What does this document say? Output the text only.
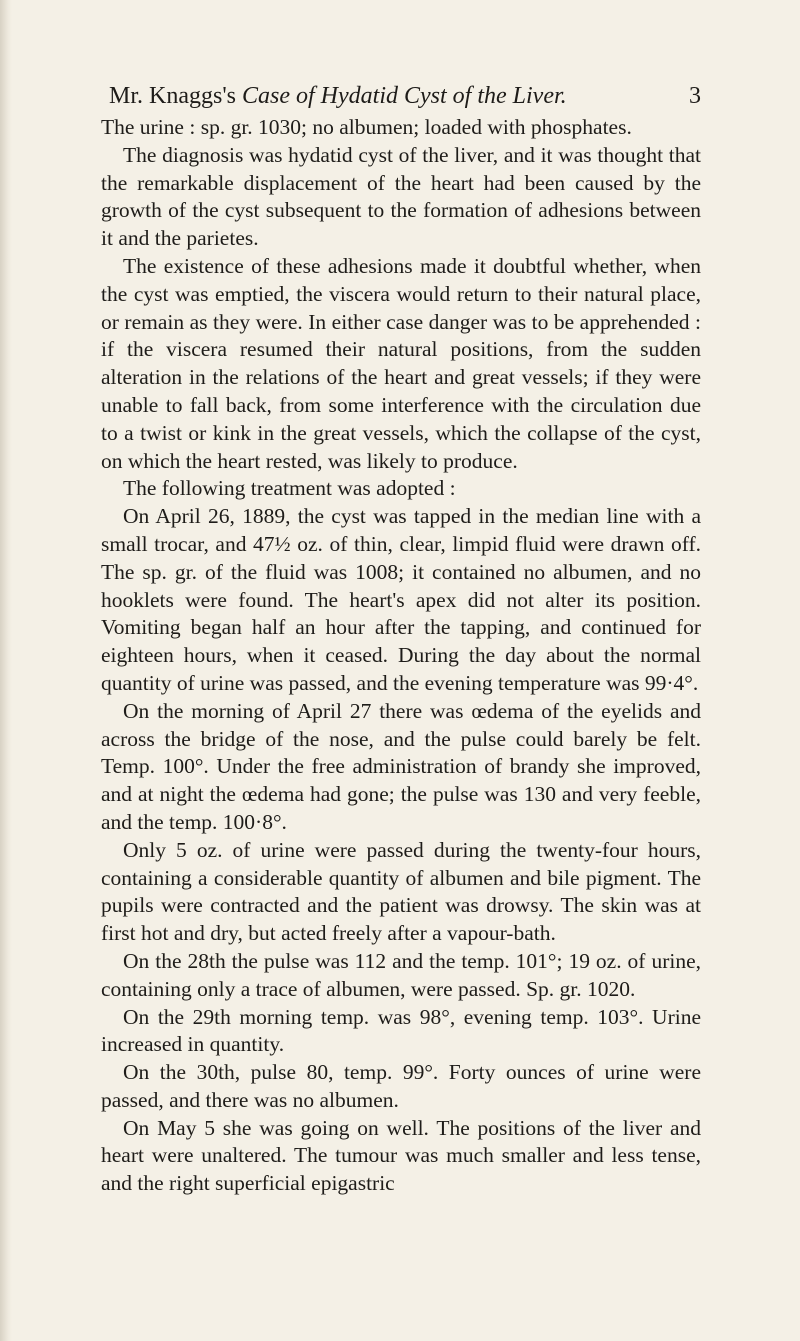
Mr. Knaggs's Case of Hydatid Cyst of the Liver.	3

The urine : sp. gr. 1030; no albumen; loaded with phosphates.

The diagnosis was hydatid cyst of the liver, and it was thought that the remarkable displacement of the heart had been caused by the growth of the cyst subsequent to the formation of adhesions between it and the parietes.

The existence of these adhesions made it doubtful whether, when the cyst was emptied, the viscera would return to their natural place, or remain as they were. In either case danger was to be apprehended : if the viscera resumed their natural positions, from the sudden alteration in the relations of the heart and great vessels; if they were unable to fall back, from some interference with the circulation due to a twist or kink in the great vessels, which the collapse of the cyst, on which the heart rested, was likely to produce.

The following treatment was adopted :

On April 26, 1889, the cyst was tapped in the median line with a small trocar, and 47½ oz. of thin, clear, limpid fluid were drawn off. The sp. gr. of the fluid was 1008; it contained no albumen, and no hooklets were found. The heart's apex did not alter its position. Vomiting began half an hour after the tapping, and continued for eighteen hours, when it ceased. During the day about the normal quantity of urine was passed, and the evening temperature was 99·4°.

On the morning of April 27 there was œdema of the eyelids and across the bridge of the nose, and the pulse could barely be felt. Temp. 100°. Under the free administration of brandy she improved, and at night the œdema had gone; the pulse was 130 and very feeble, and the temp. 100·8°.

Only 5 oz. of urine were passed during the twenty-four hours, containing a considerable quantity of albumen and bile pigment. The pupils were contracted and the patient was drowsy. The skin was at first hot and dry, but acted freely after a vapour-bath.

On the 28th the pulse was 112 and the temp. 101°; 19 oz. of urine, containing only a trace of albumen, were passed. Sp. gr. 1020.

On the 29th morning temp. was 98°, evening temp. 103°. Urine increased in quantity.

On the 30th, pulse 80, temp. 99°. Forty ounces of urine were passed, and there was no albumen.

On May 5 she was going on well. The positions of the liver and heart were unaltered. The tumour was much smaller and less tense, and the right superficial epigastric
